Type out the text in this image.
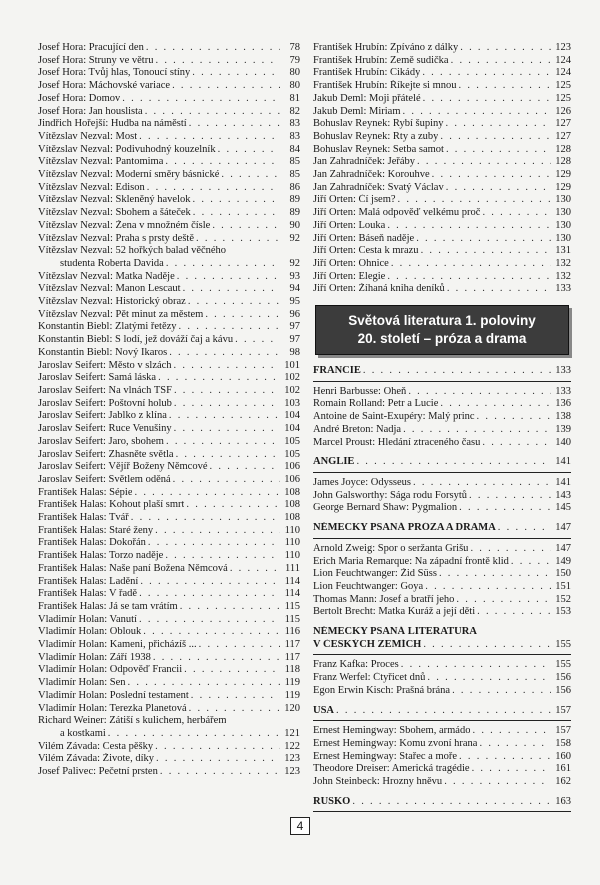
Josef Hora: Pracující den . . .	78
Josef Hora: Struny ve větru . . .	79
Josef Hora: Tvůj hlas, Tonoucí stíny . . .	80
Josef Hora: Máchovské variace . . .	80
Josef Hora: Domov . . .	81
Josef Hora: Jan houslista . . .	82
Jindřich Hořejší: Hudba na náměstí . . .	83
Vítězslav Nezval: Most . . .	83
Vítězslav Nezval: Podivuhodný kouzelník . . .	84
Vítězslav Nezval: Pantomima . . .	85
Vítězslav Nezval: Moderní směry básnické . . .	85
Vítězslav Nezval: Edison . . .	86
Vítězslav Nezval: Skleněný havelok . . .	89
Vítězslav Nezval: Sbohem a šáteček . . .	89
Vítězslav Nezval: Žena v množném čísle . . .	90
Vítězslav Nezval: Praha s prsty deště . . .	92
Vítězslav Nezval: 52 hořkých balad věčného
studenta Roberta Davida . . .	92
Vítězslav Nezval: Matka Naděje . . .	93
Vítězslav Nezval: Manon Lescaut . . .	94
Vítězslav Nezval: Historický obraz . . .	95
Vítězslav Nezval: Pět minut za městem . . .	96
Konstantin Biebl: Zlatými řetězy . . .	97
Konstantin Biebl: S lodí, jež dováží čaj a kávu . . .	97
Konstantin Biebl: Nový Ikaros . . .	98
Jaroslav Seifert: Město v slzách . . .	101
Jaroslav Seifert: Samá láska . . .	102
Jaroslav Seifert: Na vlnách TSF . . .	102
Jaroslav Seifert: Poštovní holub . . .	103
Jaroslav Seifert: Jablko z klína . . .	104
Jaroslav Seifert: Ruce Venušiny . . .	104
Jaroslav Seifert: Jaro, sbohem . . .	105
Jaroslav Seifert: Zhasněte světla . . .	105
Jaroslav Seifert: Vějíř Boženy Němcové . . .	106
Jaroslav Seifert: Světlem oděná . . .	106
František Halas: Sépie . . .	108
František Halas: Kohout plaší smrt . . .	108
František Halas: Tvář . . .	108
František Halas: Staré ženy . . .	110
František Halas: Dokořán . . .	110
František Halas: Torzo naděje . . .	110
František Halas: Naše paní Božena Němcová . . .	111
František Halas: Ladění . . .	114
František Halas: V řadě . . .	114
František Halas: Já se tam vrátím . . .	115
Vladimír Holan: Vanutí . . .	115
Vladimír Holan: Oblouk . . .	116
Vladimír Holan: Kameni, přicházíš ... . . .	117
Vladimír Holan: Září 1938 . . .	117
Vladimír Holan: Odpověď Francii . . .	118
Vladimír Holan: Sen . . .	119
Vladimír Holan: Poslední testament . . .	119
Vladimír Holan: Terezka Planetová . . .	120
Richard Weiner: Zátiší s kulichem, herbářem
a kostkami . . .	121
Vilém Závada: Cesta pěšky . . .	122
Vilém Závada: Živote, díky . . .	123
Josef Palivec: Pečetní prsten . . .	123
František Hrubín: Zpíváno z dálky . . .	123
František Hrubín: Země sudička . . .	124
František Hrubín: Cikády . . .	124
František Hrubín: Říkejte si mnou . . .	125
Jakub Deml: Moji přátelé . . .	125
Jakub Deml: Miriam . . .	126
Bohuslav Reynek: Rybí šupiny . . .	127
Bohuslav Reynek: Rty a zuby . . .	127
Bohuslav Reynek: Setba samot . . .	128
Jan Zahradníček: Jeřáby . . .	128
Jan Zahradníček: Korouhve . . .	129
Jan Zahradníček: Svatý Václav . . .	129
Jiří Orten: Čí jsem? . . .	130
Jiří Orten: Malá odpověď velkému proč . . .	130
Jiří Orten: Louka . . .	130
Jiří Orten: Báseň naděje . . .	130
Jiří Orten: Cesta k mrazu . . .	131
Jiří Orten: Ohnice . . .	132
Jiří Orten: Elegie . . .	132
Jiří Orten: Žíhaná kniha deníků . . .	133
Světová literatura 1. poloviny
20. století – próza a drama
FRANCIE . . .	133
Henri Barbusse: Oheň . . .	133
Romain Rolland: Petr a Lucie . . .	136
Antoine de Saint-Exupéry: Malý princ . . .	138
André Breton: Nadja . . .	139
Marcel Proust: Hledání ztraceného času . . .	140
ANGLIE . . .	141
James Joyce: Odysseus . . .	141
John Galsworthy: Sága rodu Forsytů . . .	143
George Bernard Shaw: Pygmalion . . .	145
NĚMECKY PSANÁ PRÓZA A DRAMA . . .	147
Arnold Zweig: Spor o seržanta Grišu . . .	147
Erich Maria Remarque: Na západní frontě klid . . .	149
Lion Feuchtwanger: Žid Süss . . .	150
Lion Feuchtwanger: Goya . . .	151
Thomas Mann: Josef a bratří jeho . . .	152
Bertolt Brecht: Matka Kuráž a její děti . . .	153
NĚMECKY PSANÁ LITERATURA
V ČESKÝCH ZEMÍCH . . .	155
Franz Kafka: Proces . . .	155
Franz Werfel: Čtyřicet dnů . . .	156
Egon Erwin Kisch: Prašná brána . . .	156
USA . . .	157
Ernest Hemingway: Sbohem, armádo . . .	157
Ernest Hemingway: Komu zvoní hrana . . .	158
Ernest Hemingway: Stařec a moře . . .	160
Theodore Dreiser: Americká tragédie . . .	161
John Steinbeck: Hrozny hněvu . . .	162
RUSKO . . .	163
4
